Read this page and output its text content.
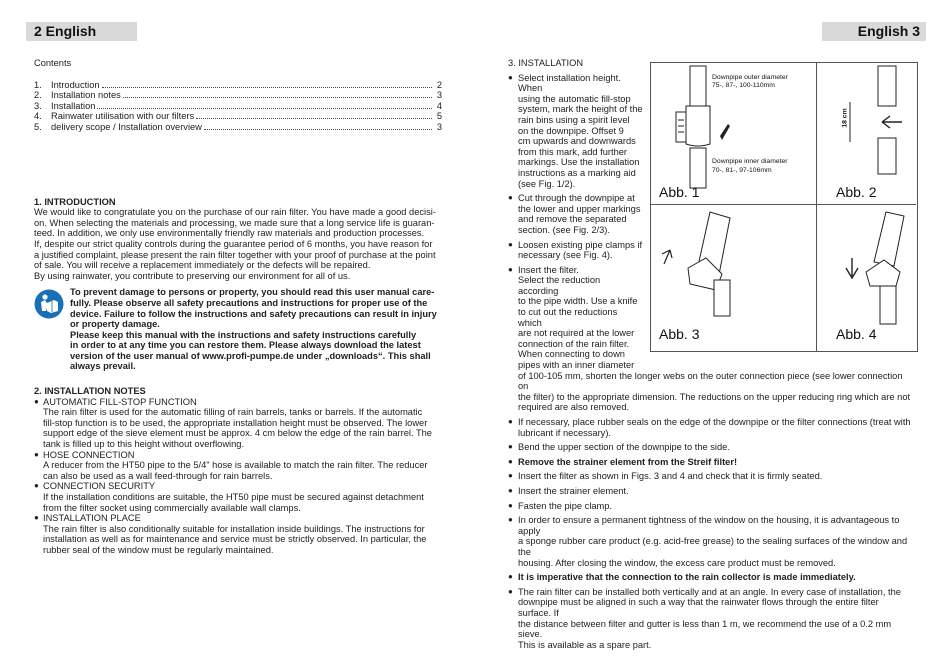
2 English	English 3

Contents

1. Introduction	2
2. Installation notes	3
3. Installation	4
4. Rainwater utilisation with our filters	5
5. delivery scope / Installation overview	3

1. INTRODUCTION

We would like to congratulate you on the purchase of our rain filter. You have made a good decisi-

on. When selecting the materials and processing, we made sure that a long service life is guaran-

teed. In addition, we only use environmentally friendly raw materials and production processes.

If, despite our strict quality controls during the guarantee period of 6 months, you have reason for

a justified complaint, please present the rain filter together with your proof of purchase at the point

of sale. You will receive a replacement immediately or the defects will be repaired.

By using rainwater, you contribute to preserving our environment for all of us.

To prevent damage to persons or property, you should read this user manual care-

fully. Please observe all safety precautions and instructions for proper use of the

device. Failure to follow the instructions and safety precautions can result in injury

or property damage.

Please keep this manual with the instructions and safety instructions carefully

in order to at any time you can restore them. Please always download the latest

version of the user manual of www.profi-pumpe.de under „downloads“. This shall

always prevail.

2. INSTALLATION NOTES

● AUTOMATIC FILL-STOP FUNCTION

The rain filter is used for the automatic filling of rain barrels, tanks or barrels. If the automatic

fill-stop function is to be used, the appropriate installation height must be observed. The lower

support edge of the sieve element must be approx. 4 cm below the edge of the rain barrel. The

tank is filled up to this height without overflowing.

● HOSE CONNECTION

A reducer from the HT50 pipe to the 5/4" hose is available to match the rain filter. The reducer

can also be used as a wall feed-through for rain barrels.

● CONNECTION SECURITY

If the installation conditions are suitable, the HT50 pipe must be secured against detachment

from the filter socket using commercially available wall clamps.

● INSTALLATION PLACE

The rain filter is also conditionally suitable for installation inside buildings. The instructions for

installation as well as for maintenance and service must be strictly observed. In particular, the

rubber seal of the window must be regularly maintained.

3. INSTALLATION

● Select installation height. When

using the automatic fill-stop

system, mark the height of the

rain bins using a spirit level

on the downpipe. Offset 9

cm upwards and downwards

from this mark, add further

markings. Use the installation

instructions as a marking aid

(see Fig. 1/2).

● Cut through the downpipe at

the lower and upper markings

and remove the separated

section. (see Fig. 2/3).

● Loosen existing pipe clamps if

necessary (see Fig. 4).

● Insert the filter.

Select the reduction according

to the pipe width. Use a knife

to cut out the reductions which

are not required at the lower

connection of the rain filter.

When connecting to down

pipes with an inner diameter

of 100-105 mm, shorten the longer webs on the outer connection piece (see lower connection on

the filter) to the appropriate dimension. The reductions on the upper reducing ring which are not

required are also removed.

● If necessary, place rubber seals on the edge of the downpipe or the filter connections (treat with

lubricant if necessary).

● Bend the upper section of the downpipe to the side.

● Remove the strainer element from the Streif filter!

● Insert the filter as shown in Figs. 3 and 4 and check that it is firmly seated.

● Insert the strainer element.

● Fasten the pipe clamp.

● In order to ensure a permanent tightness of the window on the housing, it is advantageous to apply

a sponge rubber care product (e.g. acid-free grease) to the sealing surfaces of the window and the

housing. After closing the window, the excess care product must be removed.

● It is imperative that the connection to the rain collector is made immediately.

● The rain filter can be installed both vertically and at an angle. In every case of installation, the

downpipe must be aligned in such a way that the rainwater flows through the entire filter surface. If

the distance between filter and gutter is less than 1 m, we recommend the use of a 0.2 mm sieve.

This is available as a spare part.

Downpipe outer diameter
75-, 87-, 100-110mm
Downpipe inner diameter
70-, 81-, 97-106mm
18 cm
Abb. 1	Abb. 2
Abb. 3	Abb. 4
